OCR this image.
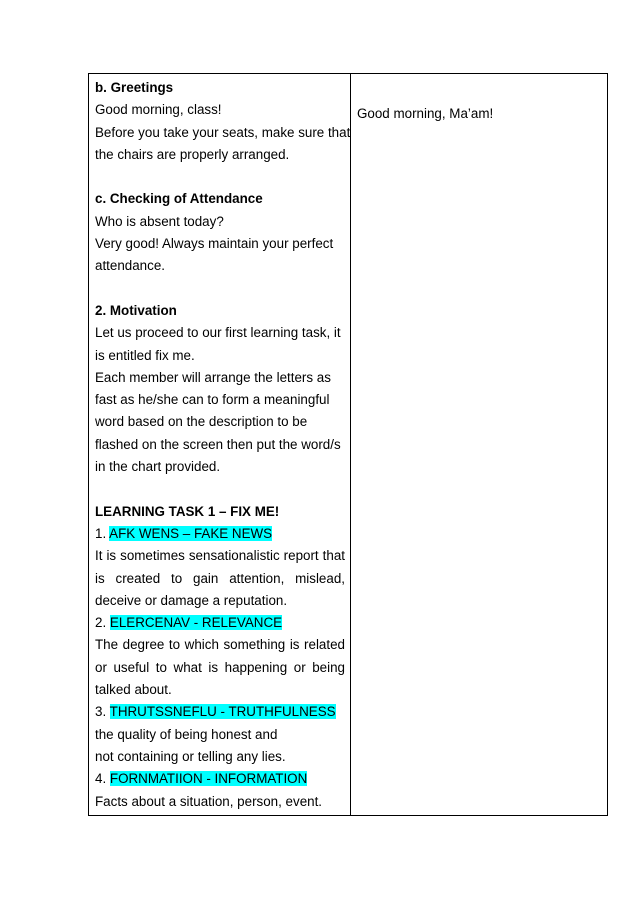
b. Greetings
Good morning, class!
Before you take your seats, make sure that
the chairs are properly arranged.
c. Checking of Attendance
Who is absent today?
Very good! Always maintain your perfect
attendance.
2. Motivation
Let us proceed to our first learning task, it
is entitled fix me.
Each member will arrange the letters as
fast as he/she can to form a meaningful
word based on the description to be
flashed on the screen then put the word/s
in the chart provided.
LEARNING TASK 1 – FIX ME!
1. AFK WENS – FAKE NEWS
It is sometimes sensationalistic report that
is created to gain attention, mislead,
deceive or damage a reputation.
2. ELERCENAV - RELEVANCE
The degree to which something is related
or useful to what is happening or being
talked about.
3. THRUTSSNEFLU - TRUTHFULNESS
the quality of being honest and
not containing or telling any lies.
4. FORNMATIION - INFORMATION
Facts about a situation, person, event.
Good morning, Ma’am!
